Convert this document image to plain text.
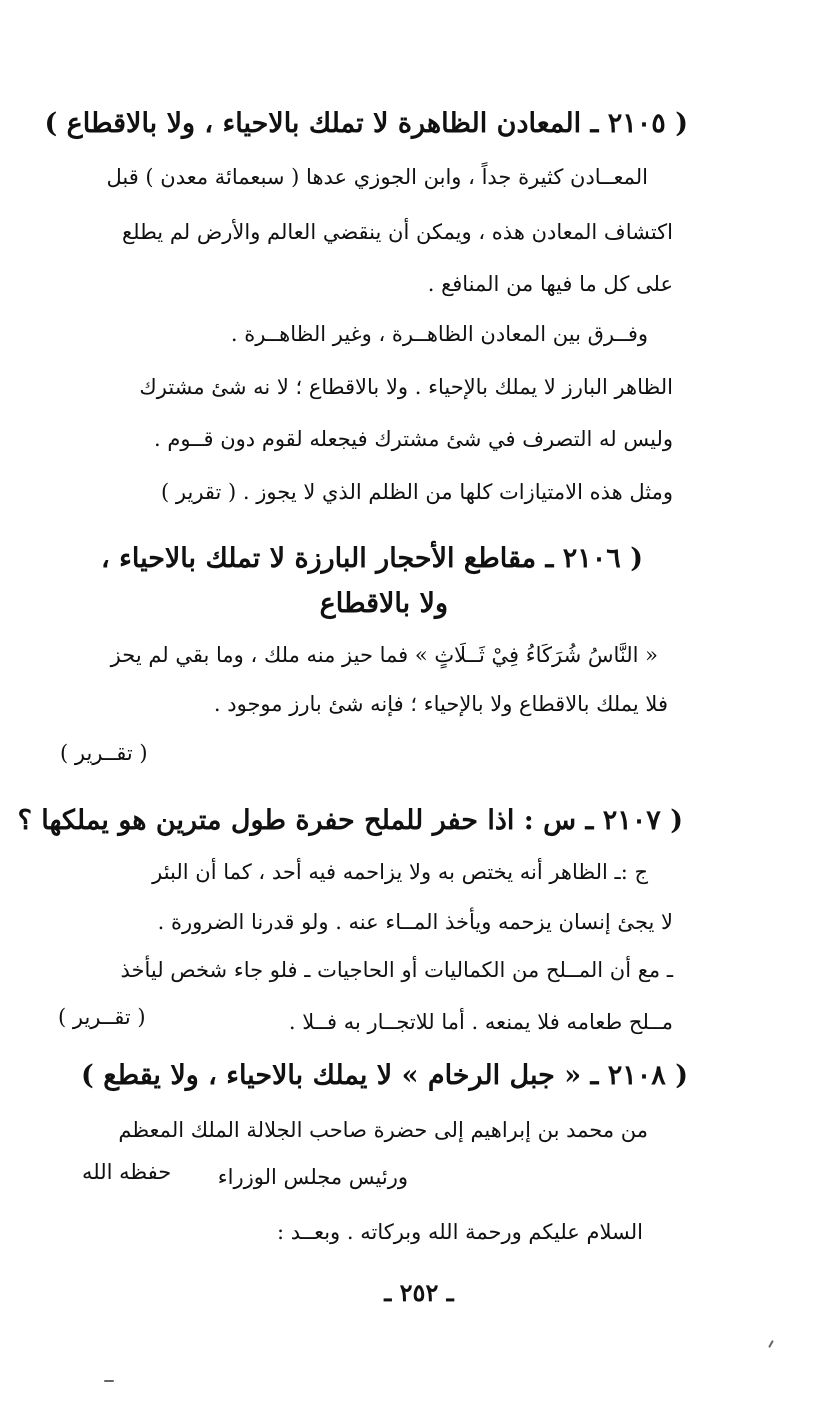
( ٢١٠٥ ـ المعادن الظاهرة لا تملك بالاحياء ، ولا بالاقطاع )
المعــادن كثيرة جداً ، وابن الجوزي عدها ( سبعمائة معدن ) قبل
اكتشاف المعادن هذه ، ويمكن أن ينقضي العالم والأرض لم يطلع
على كل ما فيها من المنافع .
وفــرق بين المعادن الظاهــرة ، وغير الظاهــرة .
الظاهر البارز لا يملك بالإحياء . ولا بالاقطاع ؛ لا نه شئ مشترك
وليس له التصرف في شئ مشترك فيجعله لقوم دون قــوم .
ومثل هذه الامتيازات كلها من الظلم الذي لا يجوز . ( تقرير )
( ٢١٠٦ ـ مقاطع الأحجار البارزة لا تملك بالاحياء ،
ولا بالاقطاع
« النَّاسُ شُرَكَاءُ فِيْ ثَــلَاثٍ » فما حيز منه ملك ، وما بقي لم يحز
فلا يملك بالاقطاع ولا بالإحياء ؛ فإنه شئ بارز موجود .
( تقــرير )
( ٢١٠٧ ـ س : اذا حفر للملح حفرة طول مترين هو يملكها ؟
ج :ـ الظاهر أنه يختص به ولا يزاحمه فيه أحد ، كما أن البئر
لا يجئ إنسان يزحمه ويأخذ المــاء عنه . ولو قدرنا الضرورة .
ـ مع أن المــلح من الكماليات أو الحاجيات ـ فلو جاء شخص ليأخذ
مــلح طعامه فلا يمنعه . أما للاتجــار به فــلا .
( تقــرير )
( ٢١٠٨ ـ « جبل الرخام » لا يملك بالاحياء ، ولا يقطع )
من محمد بن إبراهيم إلى حضرة صاحب الجلالة الملك المعظم
ورئيس مجلس الوزراء
حفظه الله
السلام عليكم ورحمة الله وبركاته . وبعــد :
ـ ٢٥٢ ـ
